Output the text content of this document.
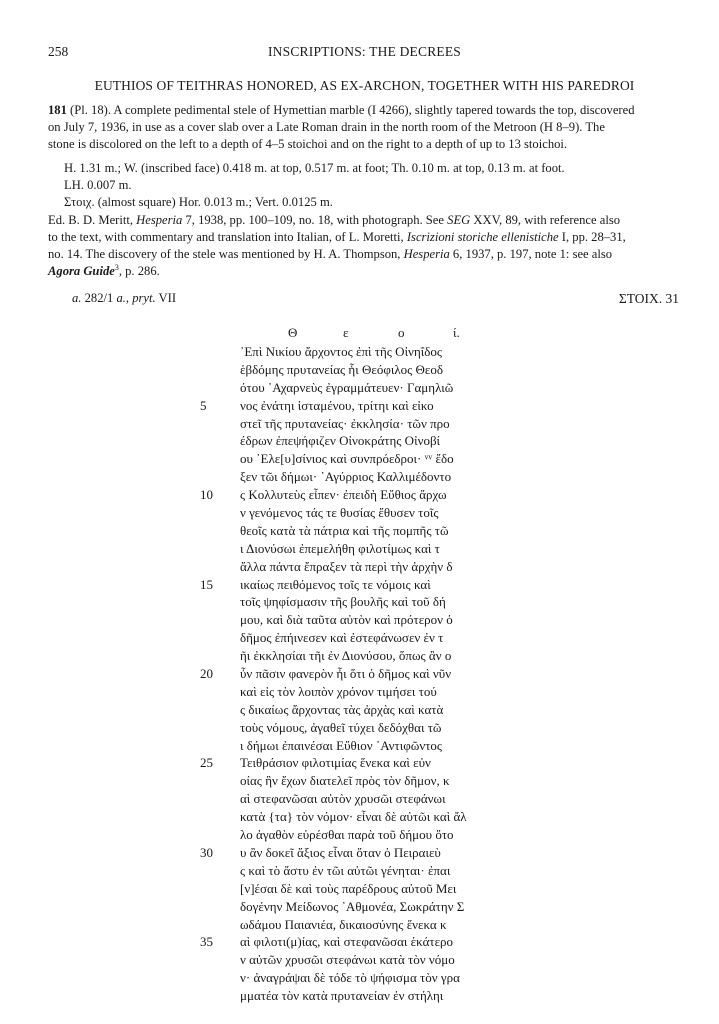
258	INSCRIPTIONS: THE DECREES
EUTHIOS OF TEITHRAS HONORED, AS EX-ARCHON, TOGETHER WITH HIS PAREDROI
181 (Pl. 18). A complete pedimental stele of Hymettian marble (I 4266), slightly tapered towards the top, discovered
on July 7, 1936, in use as a cover slab over a Late Roman drain in the north room of the Metroon (H 8–9). The
stone is discolored on the left to a depth of 4–5 stoichoi and on the right to a depth of up to 13 stoichoi.
H. 1.31 m.; W. (inscribed face) 0.418 m. at top, 0.517 m. at foot; Th. 0.10 m. at top, 0.13 m. at foot.
LH. 0.007 m.
Στοιχ. (almost square) Hor. 0.013 m.; Vert. 0.0125 m.
Ed. B. D. Meritt, Hesperia 7, 1938, pp. 100–109, no. 18, with photograph. See SEG XXV, 89, with reference also
to the text, with commentary and translation into Italian, of L. Moretti, Iscrizioni storiche ellenistiche I, pp. 28–31,
no. 14. The discovery of the stele was mentioned by H. A. Thompson, Hesperia 6, 1937, p. 197, note 1: see also
Agora Guide$^3$, p. 286.
a. 282/1 a., pryt. VII	ΣΤΟΙΧ. 31
Θ	ε	ο	ί.
᾿Επὶ Νικίου ἄρχοντος ἐπὶ τῆς Οἰνηΐδος
ἑβδόμης πρυτανείας ἧι Θεόφιλος Θεοδ
ότου ᾿Αχαρνεὺς ἐγραμμάτευεν· Γαμηλιῶ
5	νος ἐνάτηι ἱσταμένου, τρίτηι καὶ εἰκο
στεῖ τῆς πρυτανείας· ἐκκλησία· τῶν προ
έδρων ἐπεψήφιζεν Οἰνοκράτης Οἰνοβί
ου ᾿Ελε[υ]σίνιος καὶ συνπρόεδροι· ᵛᵛ ἔδο
ξεν τῶι δήμωι· ᾿Αγύρριος Καλλιμέδοντο
10	ς Κολλυτεὺς εἶπεν· ἐπειδὴ Εὔθιος ἄρχω
ν γενόμενος τάς τε θυσίας ἔθυσεν τοῖς
θεοῖς κατὰ τὰ πάτρια καὶ τῆς πομπῆς τῶ
ι Διονύσωι ἐπεμελήθη φιλοτίμως καὶ τ
ἄλλα πάντα ἔπραξεν τὰ περὶ τὴν ἀρχὴν δ
15	ικαίως πειθόμενος τοῖς τε νόμοις καὶ
τοῖς ψηφίσμασιν τῆς βουλῆς καὶ τοῦ δή
μου, καὶ διὰ ταῦτα αὐτὸν καὶ πρότερον ὁ
δῆμος ἐπήινεσεν καὶ ἐστεφάνωσεν ἐν τ
ῆι ἐκκλησίαι τῆι ἐν Διονύσου, ὅπως ἂν ο
20	ὖν πᾶσιν φανερὸν ἦι ὅτι ὁ δῆμος καὶ νῦν
καὶ εἰς τὸν λοιπὸν χρόνον τιμήσει τού
ς δικαίως ἄρχοντας τὰς ἀρχὰς καὶ κατὰ
τοὺς νόμους, ἀγαθεῖ τύχει δεδόχθαι τῶ
ι δήμωι ἐπαινέσαι Εὔθιον ᾿Αντιφῶντος
25	Τειθράσιον φιλοτιμίας ἕνεκα καὶ εὐν
οίας ἣν ἔχων διατελεῖ πρὸς τὸν δῆμον, κ
αὶ στεφανῶσαι αὐτὸν χρυσῶι στεφάνωι
κατὰ {τα} τὸν νόμον· εἶναι δὲ αὐτῶι καὶ ἄλ
λο ἀγαθὸν εὑρέσθαι παρὰ τοῦ δήμου ὅτο
30	υ ἂν δοκεῖ ἄξιος εἶναι ὅταν ὁ Πειραιεὺ
ς καὶ τὸ ἄστυ ἐν τῶι αὐτῶι γένηται· ἐπαι
[ν]έσαι δὲ καὶ τοὺς παρέδρους αὐτοῦ Μει
δογένην Μείδωνος ᾿Αθμονέα, Σωκράτην Σ
ωδάμου Παιανιέα, δικαιοσύνης ἕνεκα κ
35	αὶ φιλοτι(μ)ίας, καὶ στεφανῶσαι ἑκάτερο
ν αὐτῶν χρυσῶι στεφάνωι κατὰ τὸν νόμο
ν· ἀναγράψαι δὲ τόδε τὸ ψήφισμα τὸν γρα
μματέα τὸν κατὰ πρυτανείαν ἐν στήληι
